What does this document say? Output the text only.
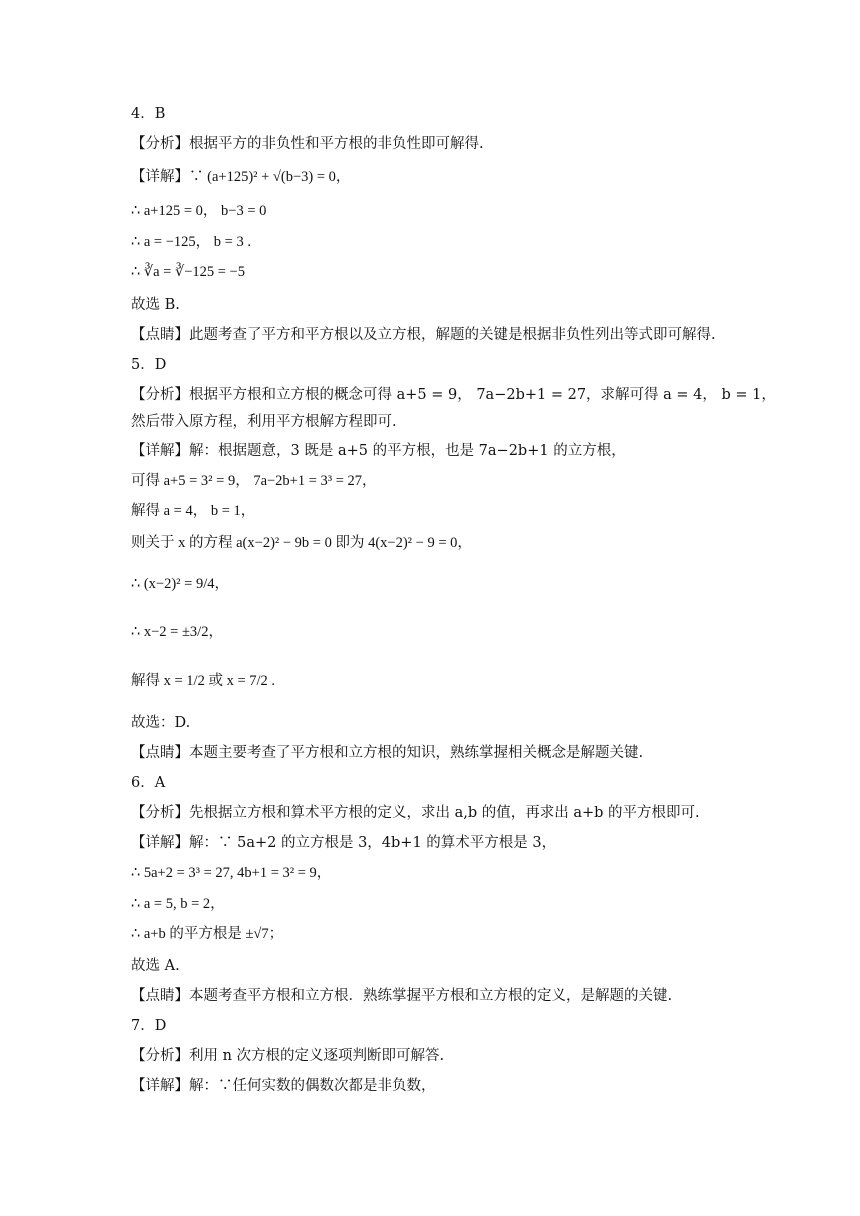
4．B
【分析】根据平方的非负性和平方根的非负性即可解得.
【详解】∵ (a+125)² + √(b−3) = 0，
∴ a+125 = 0， b−3 = 0
∴ a = −125， b = 3 .
∴ ∛a = ∛−125 = −5
故选 B.
【点睛】此题考查了平方和平方根以及立方根，解题的关键是根据非负性列出等式即可解得.
5．D
【分析】根据平方根和立方根的概念可得 a+5 = 9， 7a−2b+1 = 27，求解可得 a = 4， b = 1，
然后带入原方程，利用平方根解方程即可.
【详解】解：根据题意，3 既是 a+5 的平方根，也是 7a−2b+1 的立方根，
可得 a+5 = 3² = 9， 7a−2b+1 = 3³ = 27，
解得 a = 4， b = 1，
则关于 x 的方程 a(x−2)² − 9b = 0 即为 4(x−2)² − 9 = 0，
∴ (x−2)² = 9/4，
∴ x−2 = ±3/2，
解得 x = 1/2 或 x = 7/2 .
故选：D.
【点睛】本题主要考查了平方根和立方根的知识，熟练掌握相关概念是解题关键.
6．A
【分析】先根据立方根和算术平方根的定义，求出 a,b 的值，再求出 a+b 的平方根即可.
【详解】解：∵ 5a+2 的立方根是 3，4b+1 的算术平方根是 3，
∴ 5a+2 = 3³ = 27, 4b+1 = 3² = 9，
∴ a = 5, b = 2，
∴ a+b 的平方根是 ±√7；
故选 A.
【点睛】本题考查平方根和立方根．熟练掌握平方根和立方根的定义，是解题的关键.
7．D
【分析】利用 n 次方根的定义逐项判断即可解答.
【详解】解：∵任何实数的偶数次都是非负数，
